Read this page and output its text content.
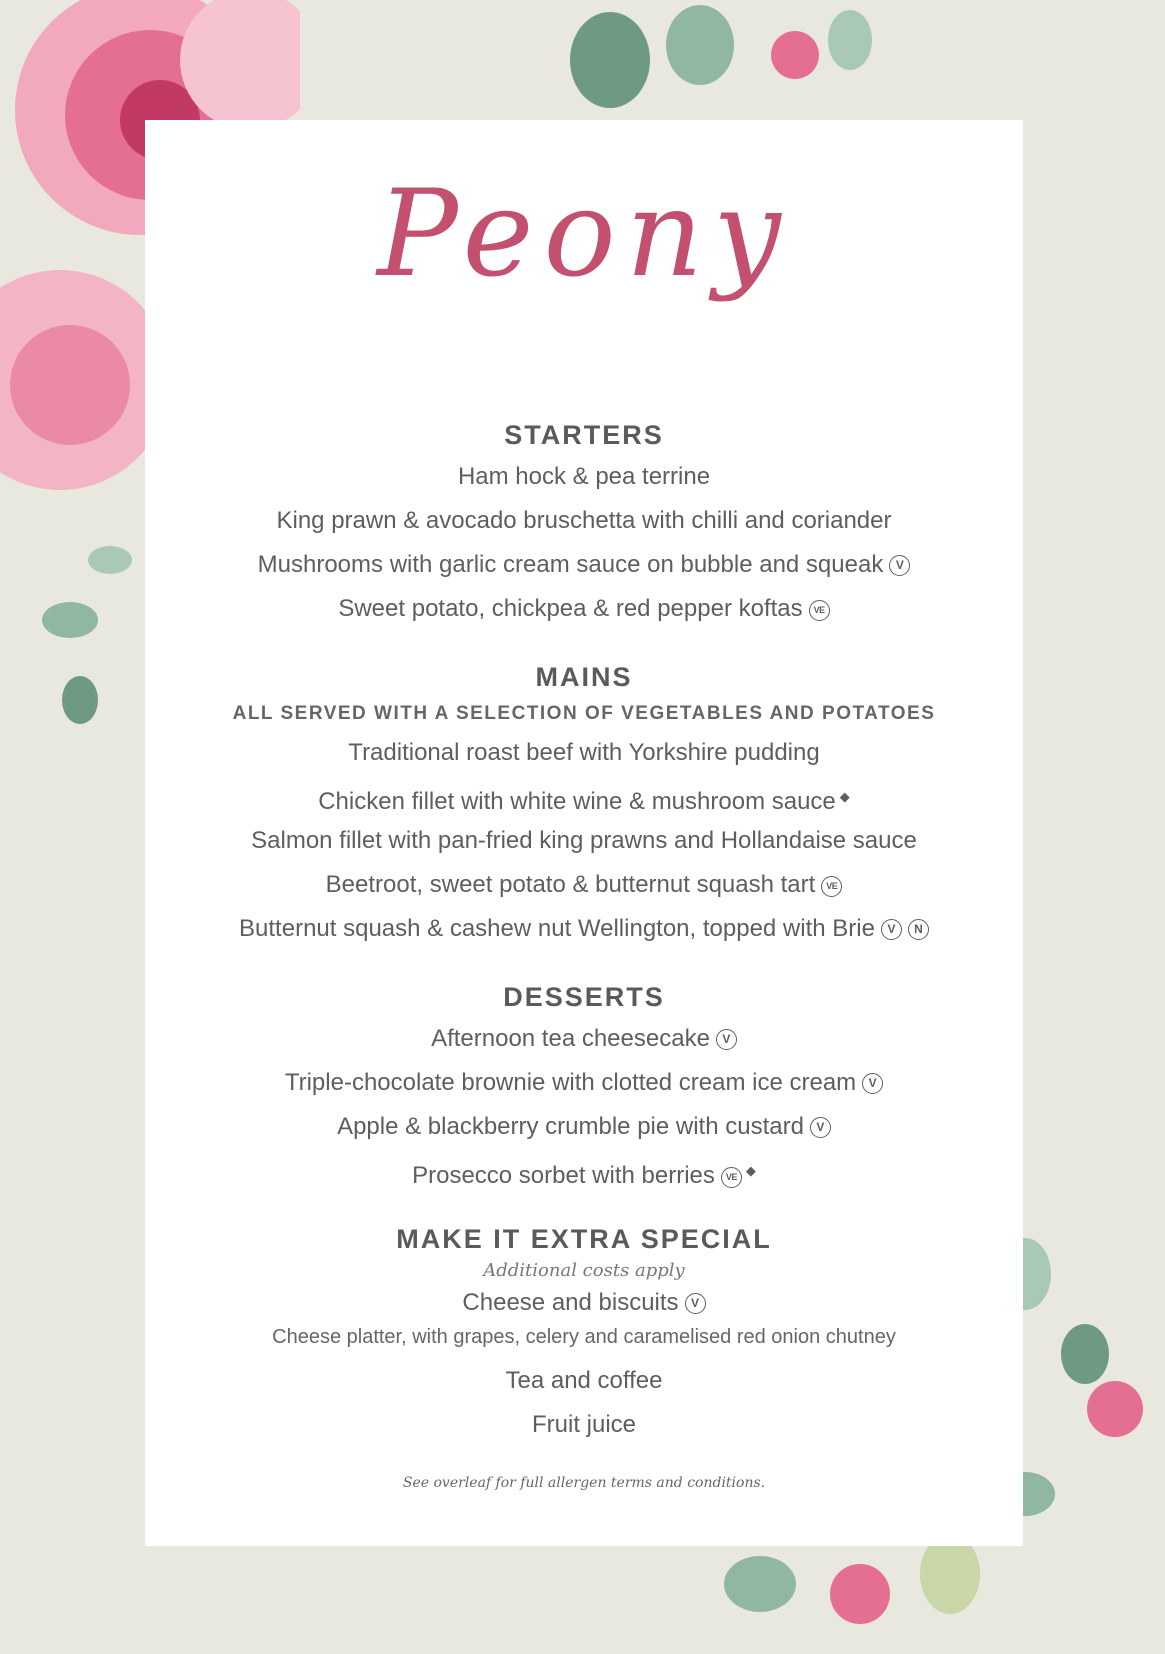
Peony
STARTERS
Ham hock & pea terrine
King prawn & avocado bruschetta with chilli and coriander
Mushrooms with garlic cream sauce on bubble and squeak V
Sweet potato, chickpea & red pepper koftas VE
MAINS
ALL SERVED WITH A SELECTION OF VEGETABLES AND POTATOES
Traditional roast beef with Yorkshire pudding
Chicken fillet with white wine & mushroom sauce ◆
Salmon fillet with pan-fried king prawns and Hollandaise sauce
Beetroot, sweet potato & butternut squash tart VE
Butternut squash & cashew nut Wellington, topped with Brie V N
DESSERTS
Afternoon tea cheesecake V
Triple-chocolate brownie with clotted cream ice cream V
Apple & blackberry crumble pie with custard V
Prosecco sorbet with berries VE ◆
MAKE IT EXTRA SPECIAL
Additional costs apply
Cheese and biscuits V
Cheese platter, with grapes, celery and caramelised red onion chutney
Tea and coffee
Fruit juice
See overleaf for full allergen terms and conditions.
